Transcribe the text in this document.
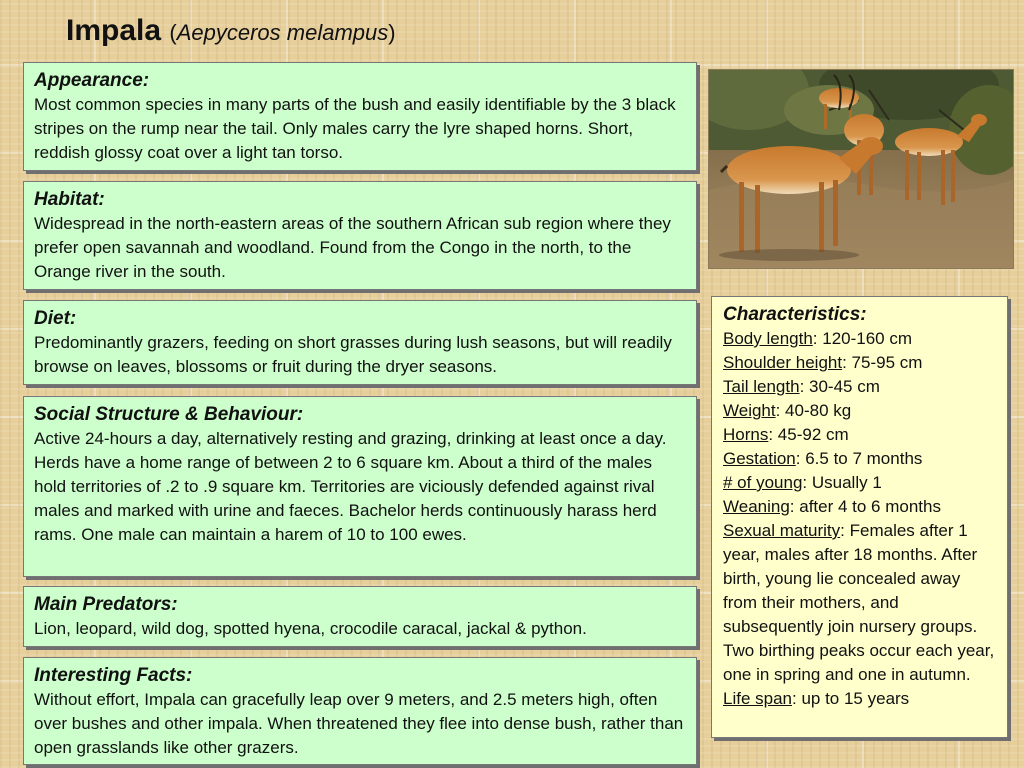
Impala (Aepyceros melampus)
Appearance:

Most common species in many parts of the bush and easily identifiable by the 3 black stripes on the rump near the tail. Only males carry the lyre shaped horns. Short, reddish glossy coat over a light tan torso.

Habitat:

Widespread in the north-eastern areas of the southern African sub region where they prefer open savannah and woodland. Found from the Congo in the north, to the Orange river in the south.

Diet:

Predominantly grazers, feeding on short grasses during lush seasons, but will readily browse on leaves, blossoms or fruit during the dryer seasons.

Social Structure & Behaviour:

Active 24-hours a day, alternatively resting and grazing, drinking at least once a day. Herds have a home range of between 2 to 6 square km. About a third of the males hold territories of .2 to .9 square km. Territories are viciously defended against rival males and marked with urine and faeces. Bachelor herds continuously harass herd rams. One male can maintain a harem of 10 to 100 ewes.

Main Predators:

Lion, leopard, wild dog, spotted hyena, crocodile caracal, jackal & python.

Interesting Facts:

Without effort, Impala can gracefully leap over 9 meters, and 2.5 meters high, often over bushes and other impala. When threatened they flee into dense bush, rather than open grasslands like other grazers.

Characteristics:
Body length: 120-160 cm
Shoulder height: 75-95 cm
Tail length: 30-45 cm
Weight: 40-80 kg
Horns: 45-92 cm
Gestation: 6.5 to 7 months
# of young: Usually 1
Weaning: after 4 to 6 months
Sexual maturity: Females after 1 year, males after 18 months. After birth, young lie concealed away from their mothers, and subsequently join nursery groups. Two birthing peaks occur each year, one in spring and one in autumn.
Life span: up to 15 years
